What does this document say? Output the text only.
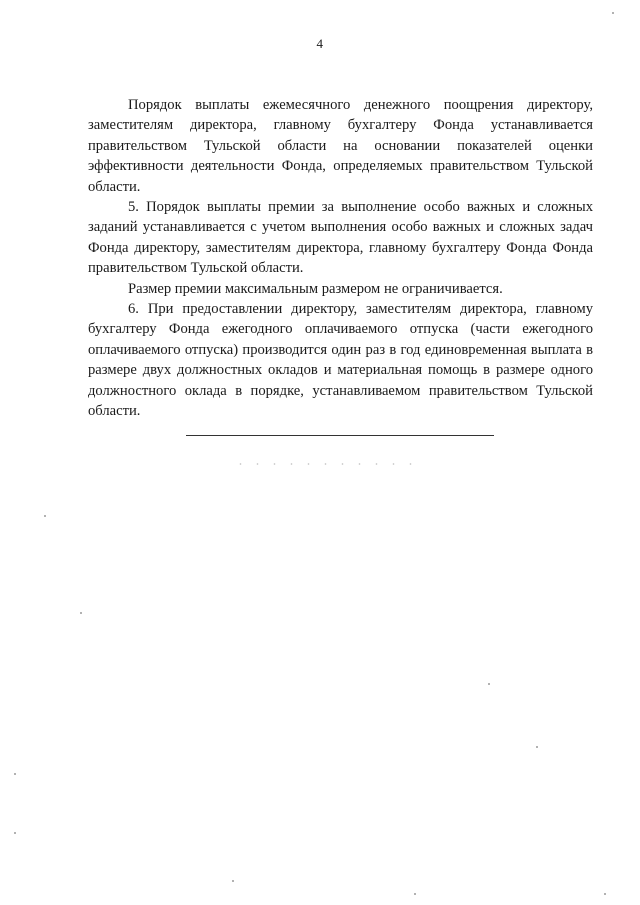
4

Порядок выплаты ежемесячного денежного поощрения директору, заместителям директора, главному бухгалтеру Фонда устанавливается правительством Тульской области на основании показателей оценки эффективности деятельности Фонда, определяемых правительством Тульской области.

5. Порядок выплаты премии за выполнение особо важных и сложных заданий устанавливается с учетом выполнения особо важных и сложных задач Фонда директору, заместителям директора, главному бухгалтеру Фонда Фонда правительством Тульской области.

Размер премии максимальным размером не ограничивается.

6. При предоставлении директору, заместителям директора, главному бухгалтеру Фонда ежегодного оплачиваемого отпуска (части ежегодного оплачиваемого отпуска) производится один раз в год единовременная выплата в размере двух должностных окладов и материальная помощь в размере одного должностного оклада в порядке, устанавливаемом правительством Тульской области.
